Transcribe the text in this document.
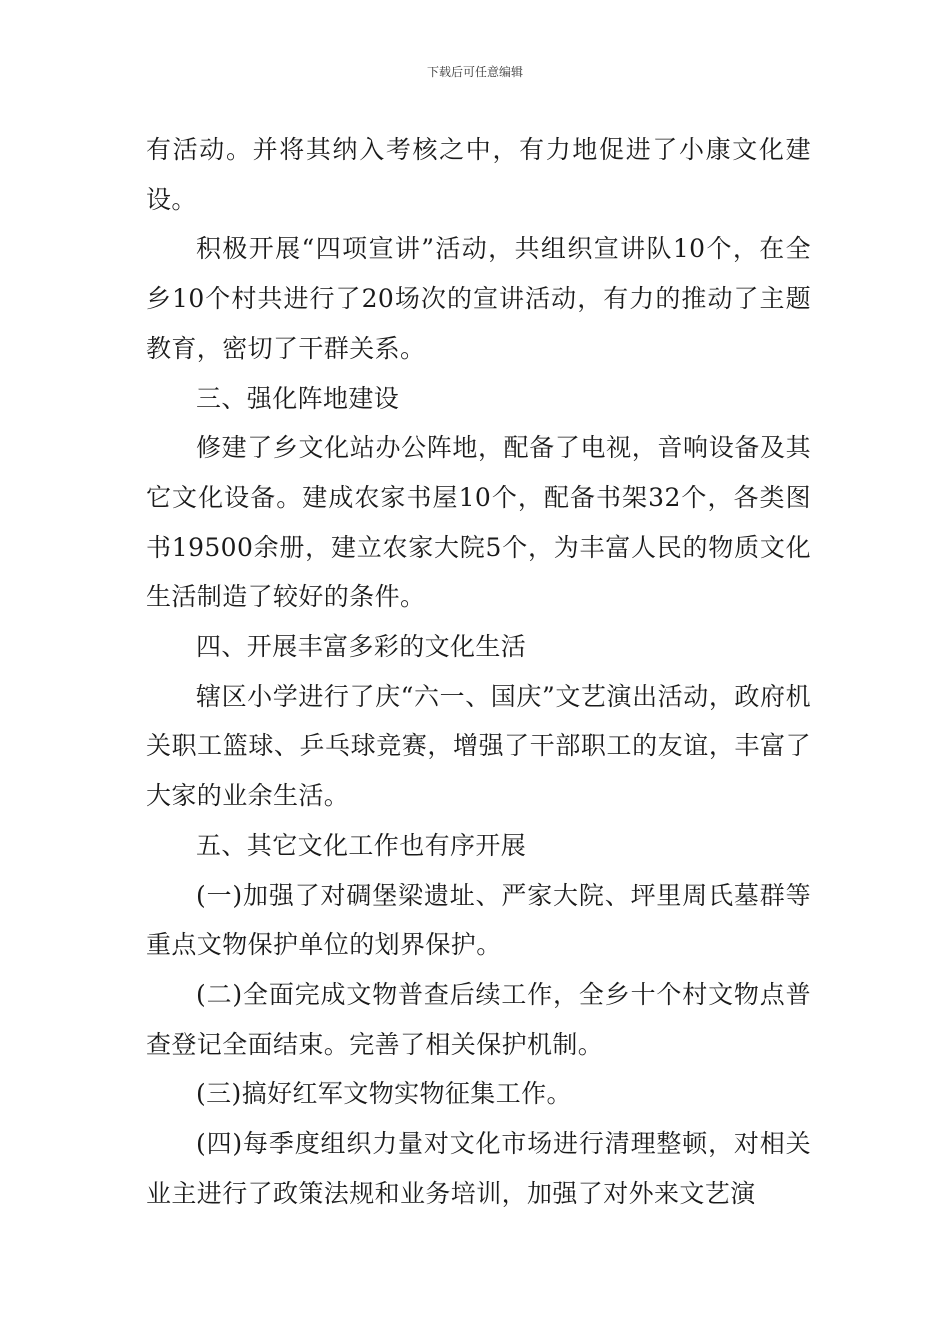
下载后可任意编辑

有活动。并将其纳入考核之中，有力地促进了小康文化建设。

积极开展“四项宣讲”活动，共组织宣讲队10个，在全乡10个村共进行了20场次的宣讲活动，有力的推动了主题教育，密切了干群关系。

三、强化阵地建设

修建了乡文化站办公阵地，配备了电视，音响设备及其它文化设备。建成农家书屋10个，配备书架32个，各类图书19500余册，建立农家大院5个，为丰富人民的物质文化生活制造了较好的条件。

四、开展丰富多彩的文化生活

辖区小学进行了庆“六一、国庆”文艺演出活动，政府机关职工篮球、乒乓球竞赛，增强了干部职工的友谊，丰富了大家的业余生活。

五、其它文化工作也有序开展

(一)加强了对碉堡梁遗址、严家大院、坪里周氏墓群等重点文物保护单位的划界保护。

(二)全面完成文物普查后续工作，全乡十个村文物点普查登记全面结束。完善了相关保护机制。

(三)搞好红军文物实物征集工作。

(四)每季度组织力量对文化市场进行清理整顿，对相关业主进行了政策法规和业务培训，加强了对外来文艺演
